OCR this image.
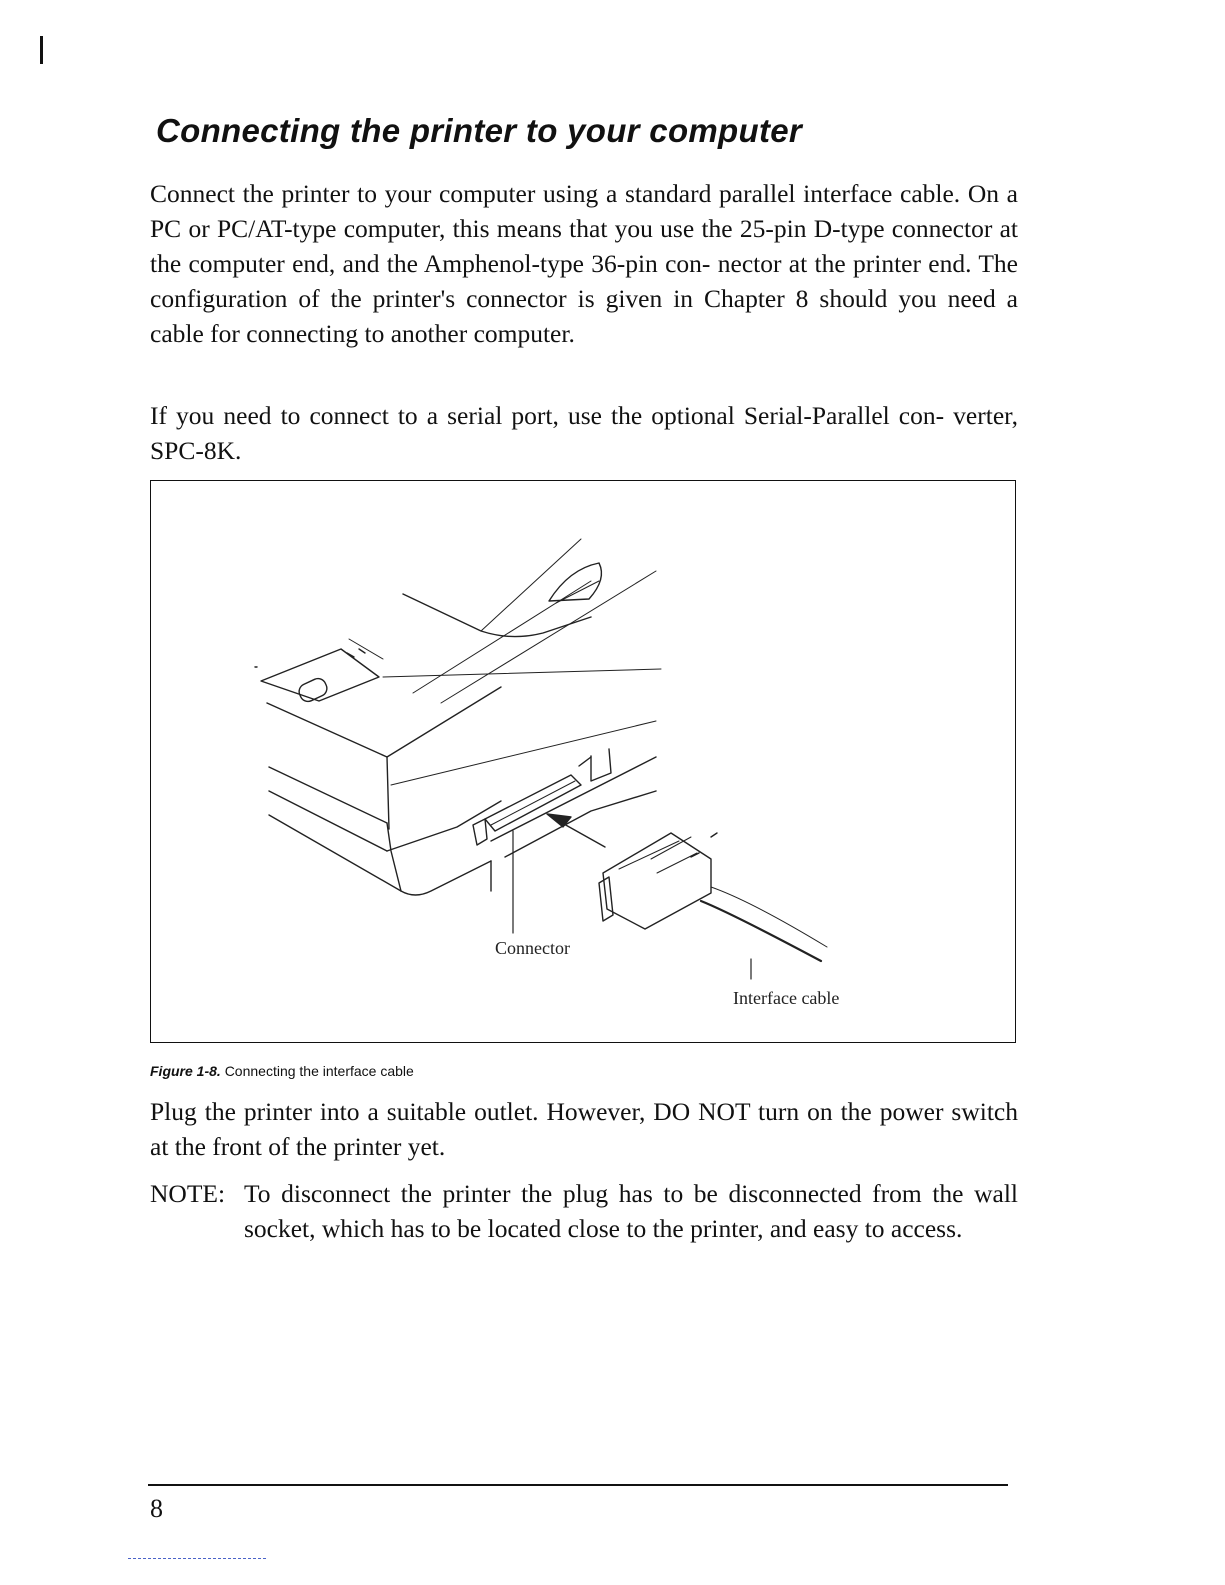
Connecting the printer to your computer

Connect the printer to your computer using a standard parallel interface cable. On a PC or PC/AT-type computer, this means that you use the 25-pin D-type connector at the computer end, and the Amphenol-type 36-pin con- nector at the printer end. The configuration of the printer's connector is given in Chapter 8 should you need a cable for connecting to another computer.

If you need to connect to a serial port, use the optional Serial-Parallel con- verter, SPC-8K.

Connector
Interface cable
Figure 1-8. Connecting the interface cable

Plug the printer into a suitable outlet. However, DO NOT turn on the power switch at the front of the printer yet.

NOTE: To disconnect the printer the plug has to be disconnected from the wall socket, which has to be located close to the printer, and easy to access.
8
